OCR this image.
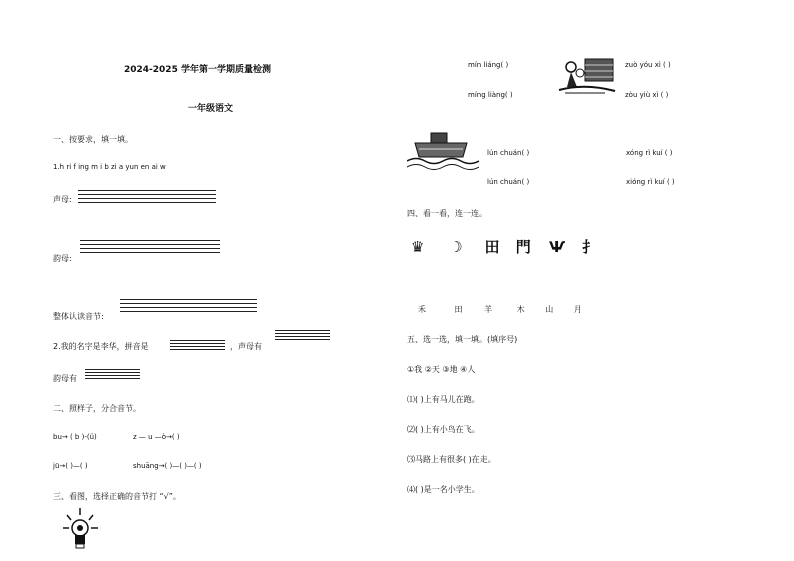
2024-2025 学年第一学期质量检测
一年级语文
一、按要求，填一填。
1.h ri f ing m i b zi a yun en ai w
声母:
韵母:
整体认读音节:
2.我的名字是李华，拼音是	，声母有
韵母有
二、照样子，分合音节。
bu→ ( b )-(ü)	z — u —ò→( )
jū→( )—( )	shuāng→( )—( )—( )
三、看图，选择正确的音节打 “√”。
mín liáng( )
míng liàng( )
zuò yóu xì ( )
zòu yiù xì ( )
lún chuán( )
lún chuán( )
xóng rì kuí ( )
xióng rì kuí ( )
四、看一看，连一连。
♛ ☽ 田 ⾨ Ѱ ⺘
禾	田	羊	木	山	月
五、选一选，填一填。(填序号)
①我 ②天 ③地 ④人
⑴( )上有马儿在跑。
⑵( )上有小鸟在飞。
⑶马路上有很多( )在走。
⑷( )是一名小学生。
